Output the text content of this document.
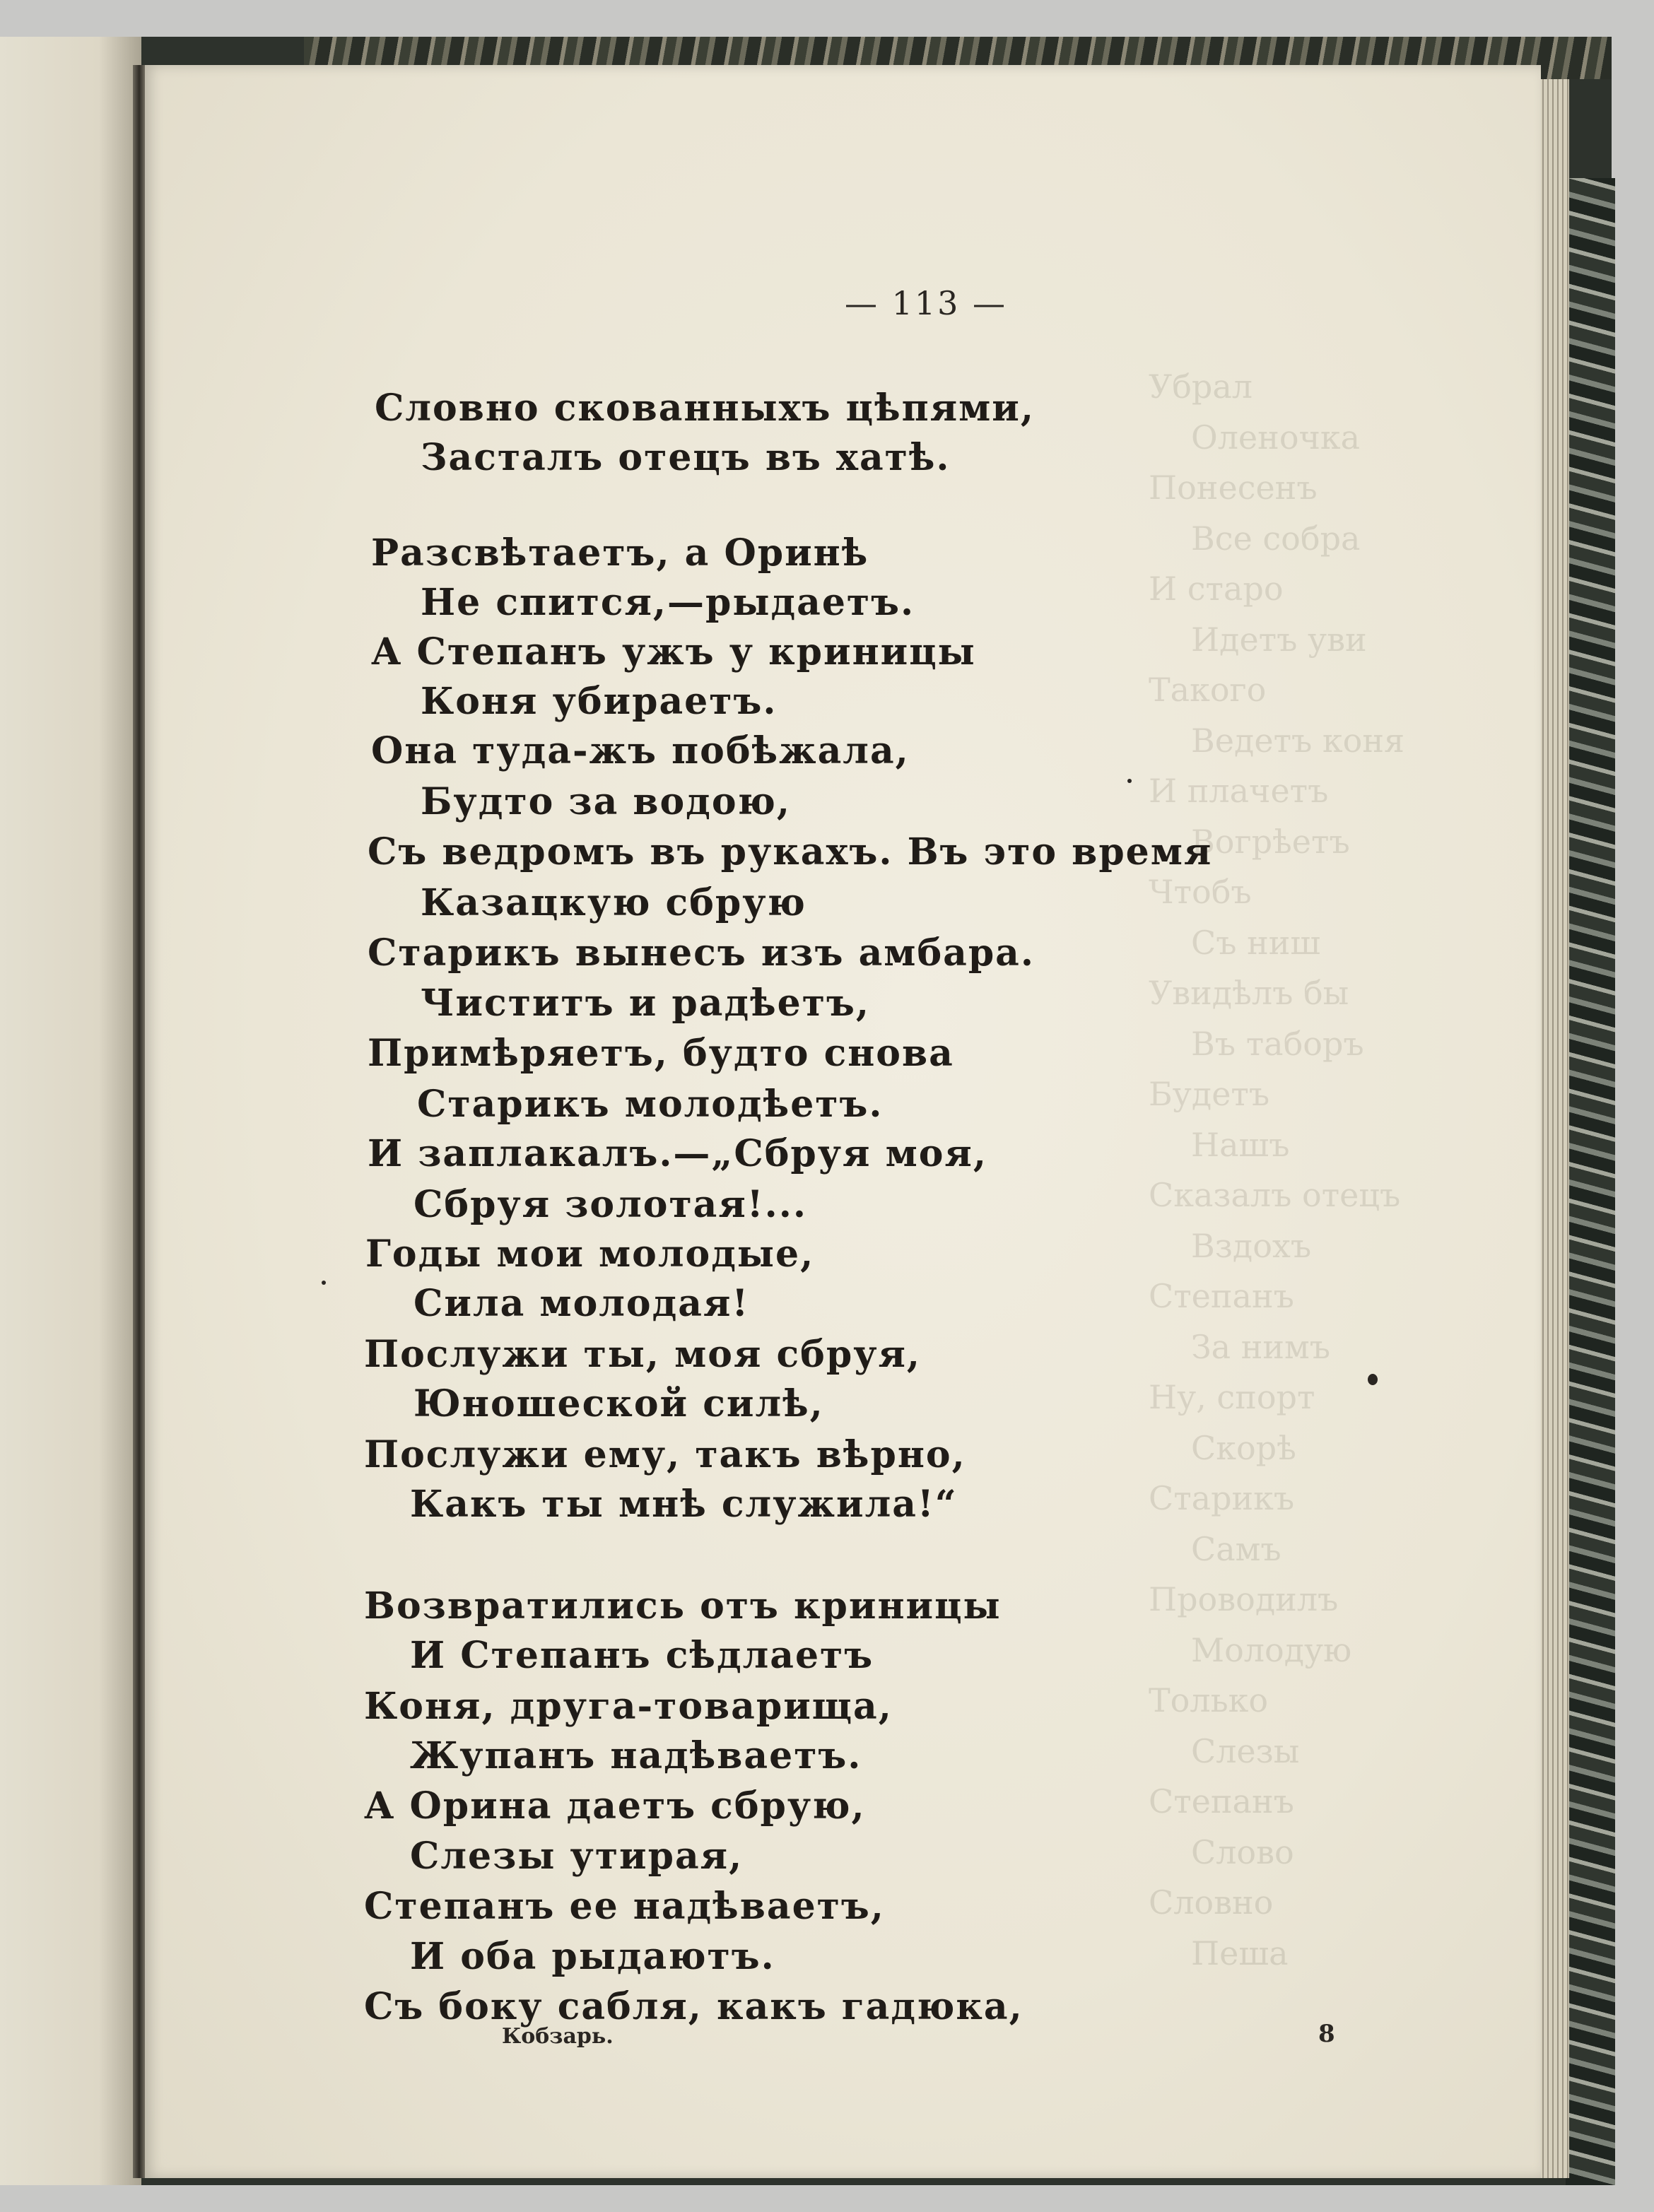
Убрал
Оленочка
Понесенъ
Все собра
И старо
Идетъ уви
Такого
Ведетъ коня
И плачетъ
Вогрѣетъ
Чтобъ
Съ ниш
Увидѣлъ бы
Въ таборъ
Будетъ
Нашъ
Сказалъ отецъ
Вздохъ
Степанъ
За нимъ
Ну, спорт
Скорѣ
Старикъ
Самъ
Проводилъ
Молодую
Только
Слезы
Степанъ
Слово
Словно
Пеша
— 113 —
Словно скованныхъ цѣпями,
Засталъ отецъ въ хатѣ.
Разсвѣтаетъ, а Оринѣ
Не спится,—рыдаетъ.
А Степанъ ужъ у криницы
Коня убираетъ.
Она туда-жъ побѣжала,
Будто за водою,
Съ ведромъ въ рукахъ. Въ это время
Казацкую сбрую
Старикъ вынесъ изъ амбара.
Чиститъ и радѣетъ,
Примѣряетъ, будто снова
Старикъ молодѣетъ.
И заплакалъ.—„Сбруя моя,
Сбруя золотая!...
Годы мои молодые,
Сила молодая!
Послужи ты, моя сбруя,
Юношеской силѣ,
Послужи ему, такъ вѣрно,
Какъ ты мнѣ служила!“
Возвратились отъ криницы
И Степанъ сѣдлаетъ
Коня, друга-товарища,
Жупанъ надѣваетъ.
А Орина даетъ сбрую,
Слезы утирая,
Степанъ ее надѣваетъ,
И оба рыдаютъ.
Съ боку сабля, какъ гадюка,
Кобзарь.	8
